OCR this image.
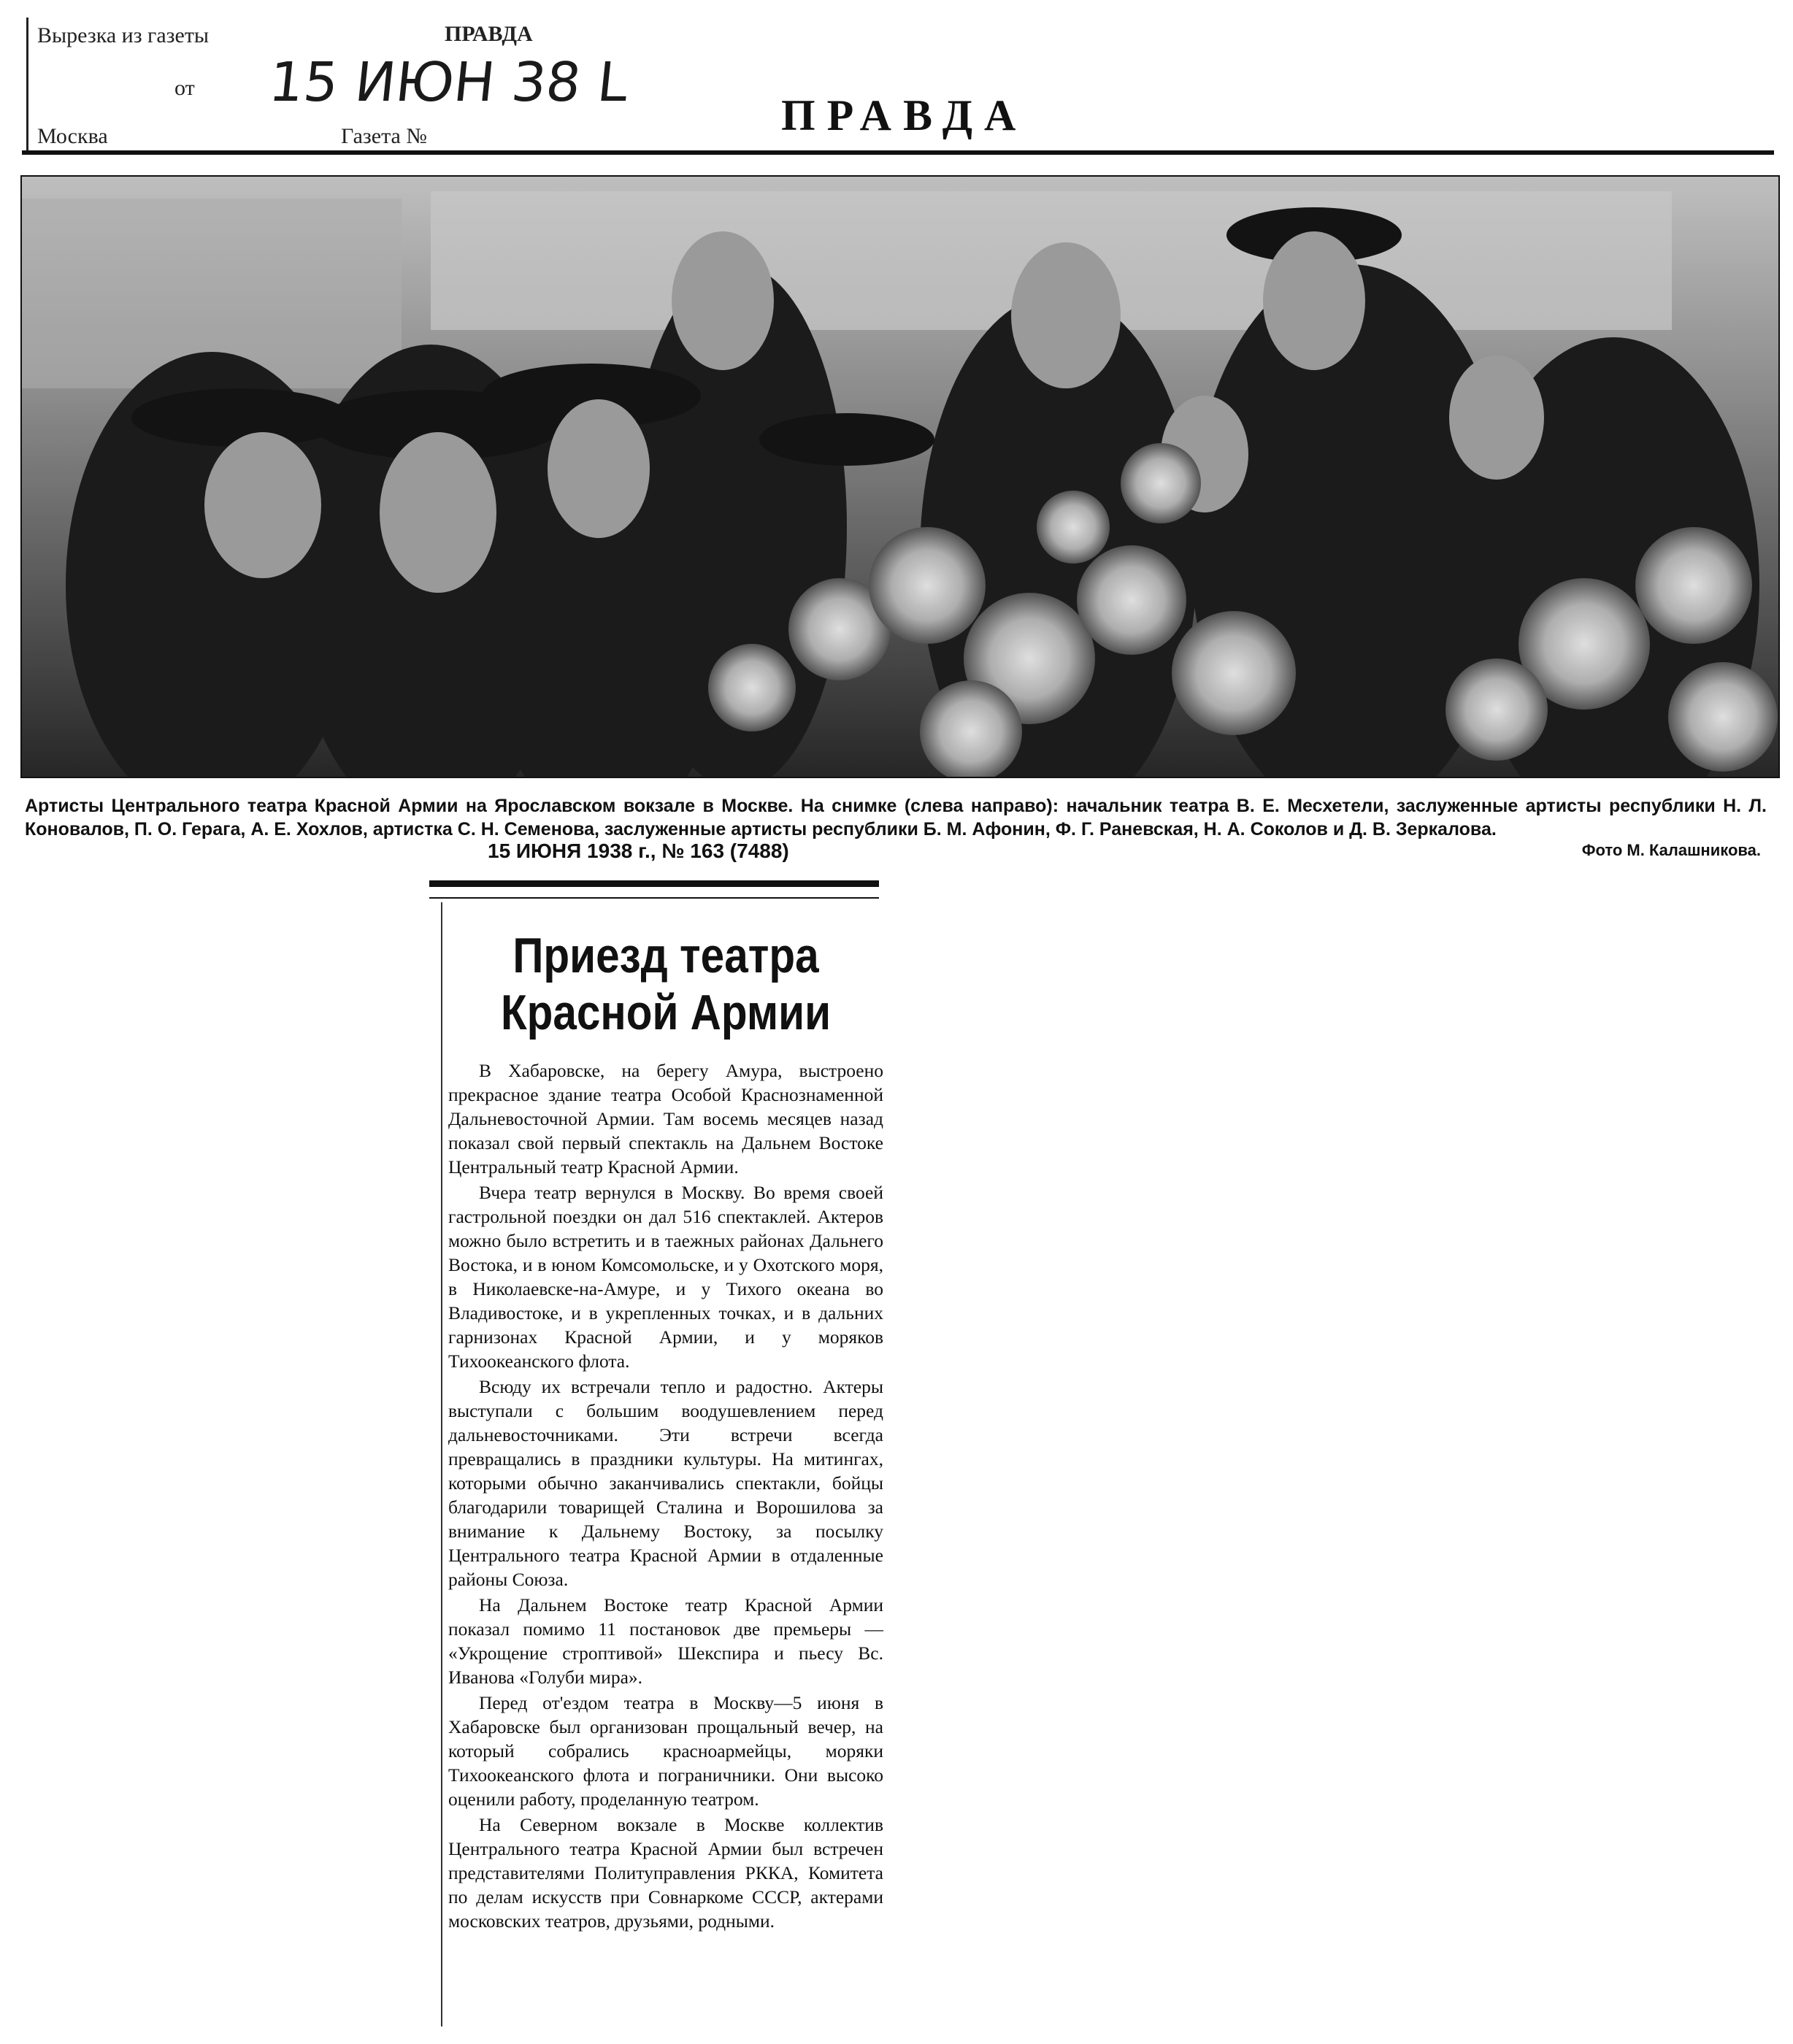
Вырезка из газеты	ПРАВДА
от 15 ИЮН 38 L
Москва	Газета №	ПРАВДА
Артисты Центрального театра Красной Армии на Ярославском вокзале в Москве. На снимке (слева направо): начальник театра В. Е. Месхетели, заслуженные артисты республики Н. Л. Коновалов, П. О. Герага, А. Е. Хохлов, артистка С. Н. Семенова, заслуженные артисты республики Б. М. Афонин, Ф. Г. Раневская, Н. А. Соколов и Д. В. Зеркалова.
15 ИЮНЯ 1938 г., № 163 (7488)	Фото М. Калашникова.
Приезд театра
Красной Армии

В Хабаровске, на берегу Амура, выстроено прекрасное здание театра Особой Краснознаменной Дальневосточной Армии. Там восемь месяцев назад показал свой первый спектакль на Дальнем Востоке Центральный театр Красной Армии.

Вчера театр вернулся в Москву. Во время своей гастрольной поездки он дал 516 спектаклей. Актеров можно было встретить и в таежных районах Дальнего Востока, и в юном Комсомольске, и у Охотского моря, в Николаевске-на-Амуре, и у Тихого океана во Владивостоке, и в укрепленных точках, и в дальних гарнизонах Красной Армии, и у моряков Тихоокеанского флота.

Всюду их встречали тепло и радостно. Актеры выступали с большим воодушевлением перед дальневосточниками. Эти встречи всегда превращались в праздники культуры. На митингах, которыми обычно заканчивались спектакли, бойцы благодарили товарищей Сталина и Ворошилова за внимание к Дальнему Востоку, за посылку Центрального театра Красной Армии в отдаленные районы Союза.

На Дальнем Востоке театр Красной Армии показал помимо 11 постановок две премьеры — «Укрощение строптивой» Шекспира и пьесу Вс. Иванова «Голуби мира».

Перед от'ездом театра в Москву—5 июня в Хабаровске был организован прощальный вечер, на который собрались красноармейцы, моряки Тихоокеанского флота и пограничники. Они высоко оценили работу, проделанную театром.

На Северном вокзале в Москве коллектив Центрального театра Красной Армии был встречен представителями Политуправления РККА, Комитета по делам искусств при Совнаркоме СССР, актерами московских театров, друзьями, родными.
